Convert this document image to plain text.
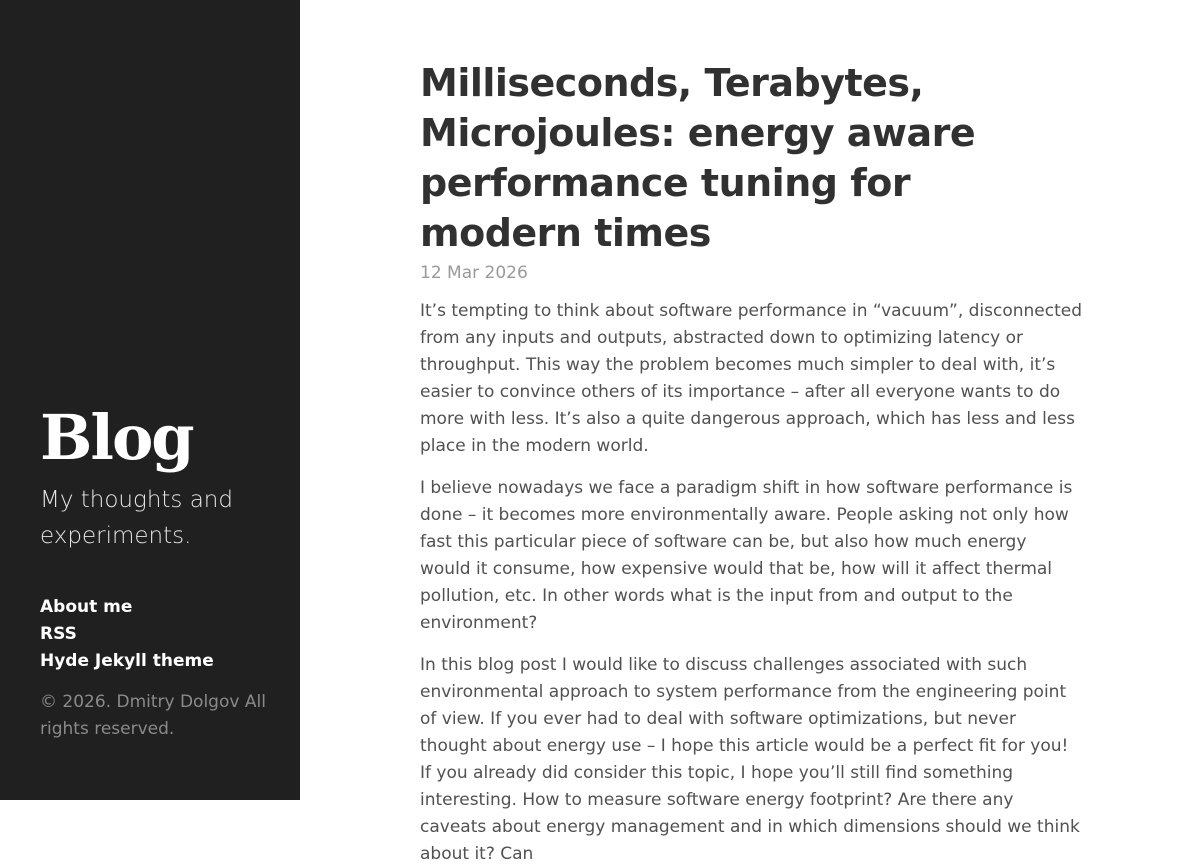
Blog

My thoughts and experiments.

About me
RSS
Hyde Jekyll theme
© 2026. Dmitry Dolgov All rights reserved.
Milliseconds, Terabytes, Microjoules: energy aware performance tuning for modern times
12 Mar 2026

It’s tempting to think about software performance in “vacuum”, disconnected from any inputs and outputs, abstracted down to optimizing latency or throughput. This way the problem becomes much simpler to deal with, it’s easier to convince others of its importance – after all everyone wants to do more with less. It’s also a quite dangerous approach, which has less and less place in the modern world.

I believe nowadays we face a paradigm shift in how software performance is done – it becomes more environmentally aware. People asking not only how fast this particular piece of software can be, but also how much energy would it consume, how expensive would that be, how will it affect thermal pollution, etc. In other words what is the input from and output to the environment?

In this blog post I would like to discuss challenges associated with such environmental approach to system performance from the engineering point of view. If you ever had to deal with software optimizations, but never thought about energy use – I hope this article would be a perfect fit for you! If you already did consider this topic, I hope you’ll still find something interesting. How to measure software energy footprint? Are there any caveats about energy management and in which dimensions should we think about it? Can
